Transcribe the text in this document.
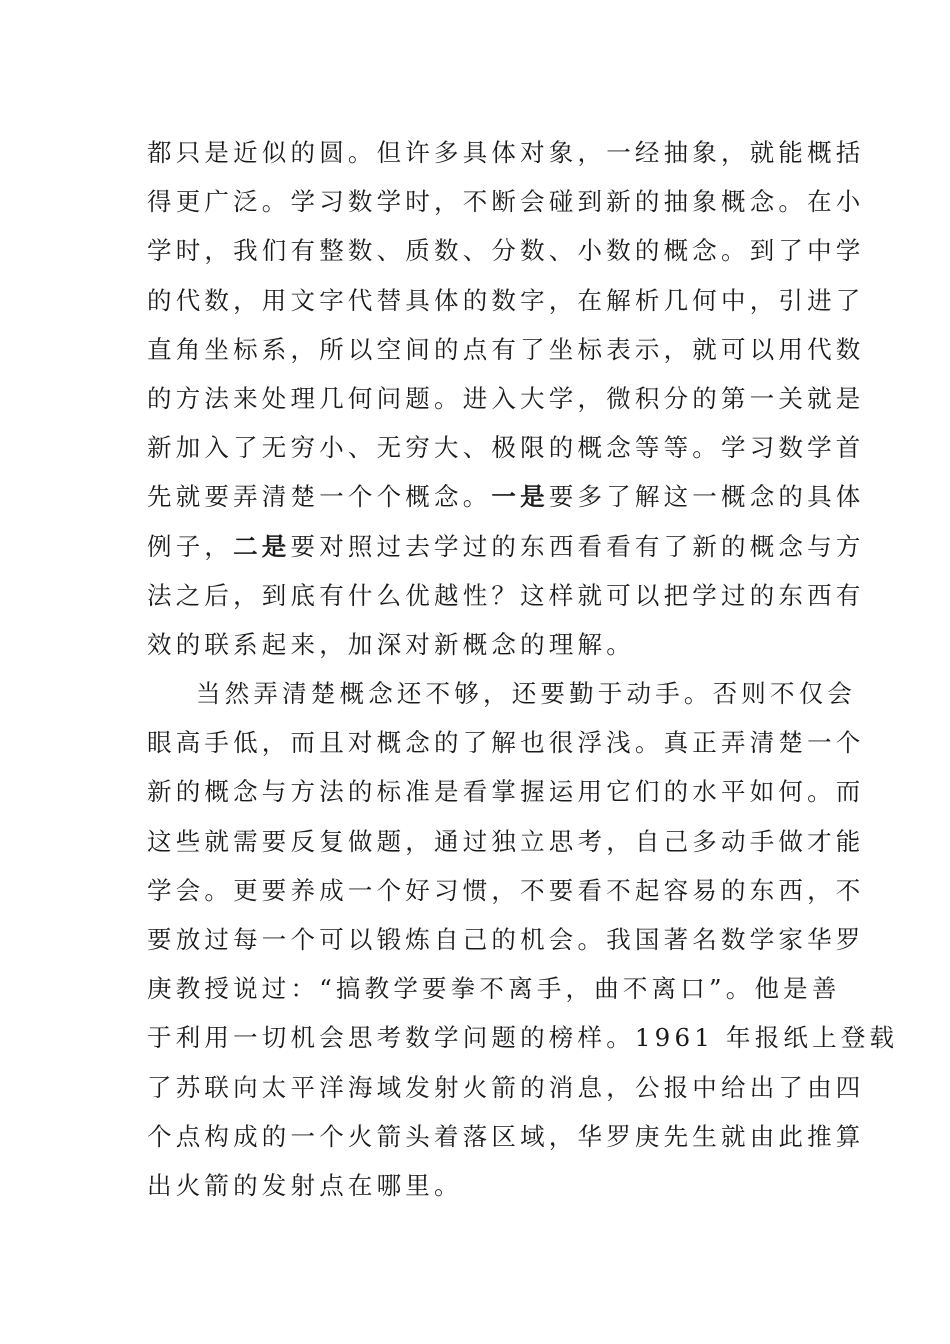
都只是近似的圆。但许多具体对象，一经抽象，就能概括
得更广泛。学习数学时，不断会碰到新的抽象概念。在小
学时，我们有整数、质数、分数、小数的概念。到了中学
的代数，用文字代替具体的数字，在解析几何中，引进了
直角坐标系，所以空间的点有了坐标表示，就可以用代数
的方法来处理几何问题。进入大学，微积分的第一关就是
新加入了无穷小、无穷大、极限的概念等等。学习数学首
先就要弄清楚一个个概念。一是要多了解这一概念的具体
例子，二是要对照过去学过的东西看看有了新的概念与方
法之后，到底有什么优越性？这样就可以把学过的东西有
效的联系起来，加深对新概念的理解。
当然弄清楚概念还不够，还要勤于动手。否则不仅会
眼高手低，而且对概念的了解也很浮浅。真正弄清楚一个
新的概念与方法的标准是看掌握运用它们的水平如何。而
这些就需要反复做题，通过独立思考，自己多动手做才能
学会。更要养成一个好习惯，不要看不起容易的东西，不
要放过每一个可以锻炼自己的机会。我国著名数学家华罗
庚教授说过：“搞教学要拳不离手，曲不离口”。他是善
于利用一切机会思考数学问题的榜样。1961 年报纸上登载
了苏联向太平洋海域发射火箭的消息，公报中给出了由四
个点构成的一个火箭头着落区域，华罗庚先生就由此推算
出火箭的发射点在哪里。
